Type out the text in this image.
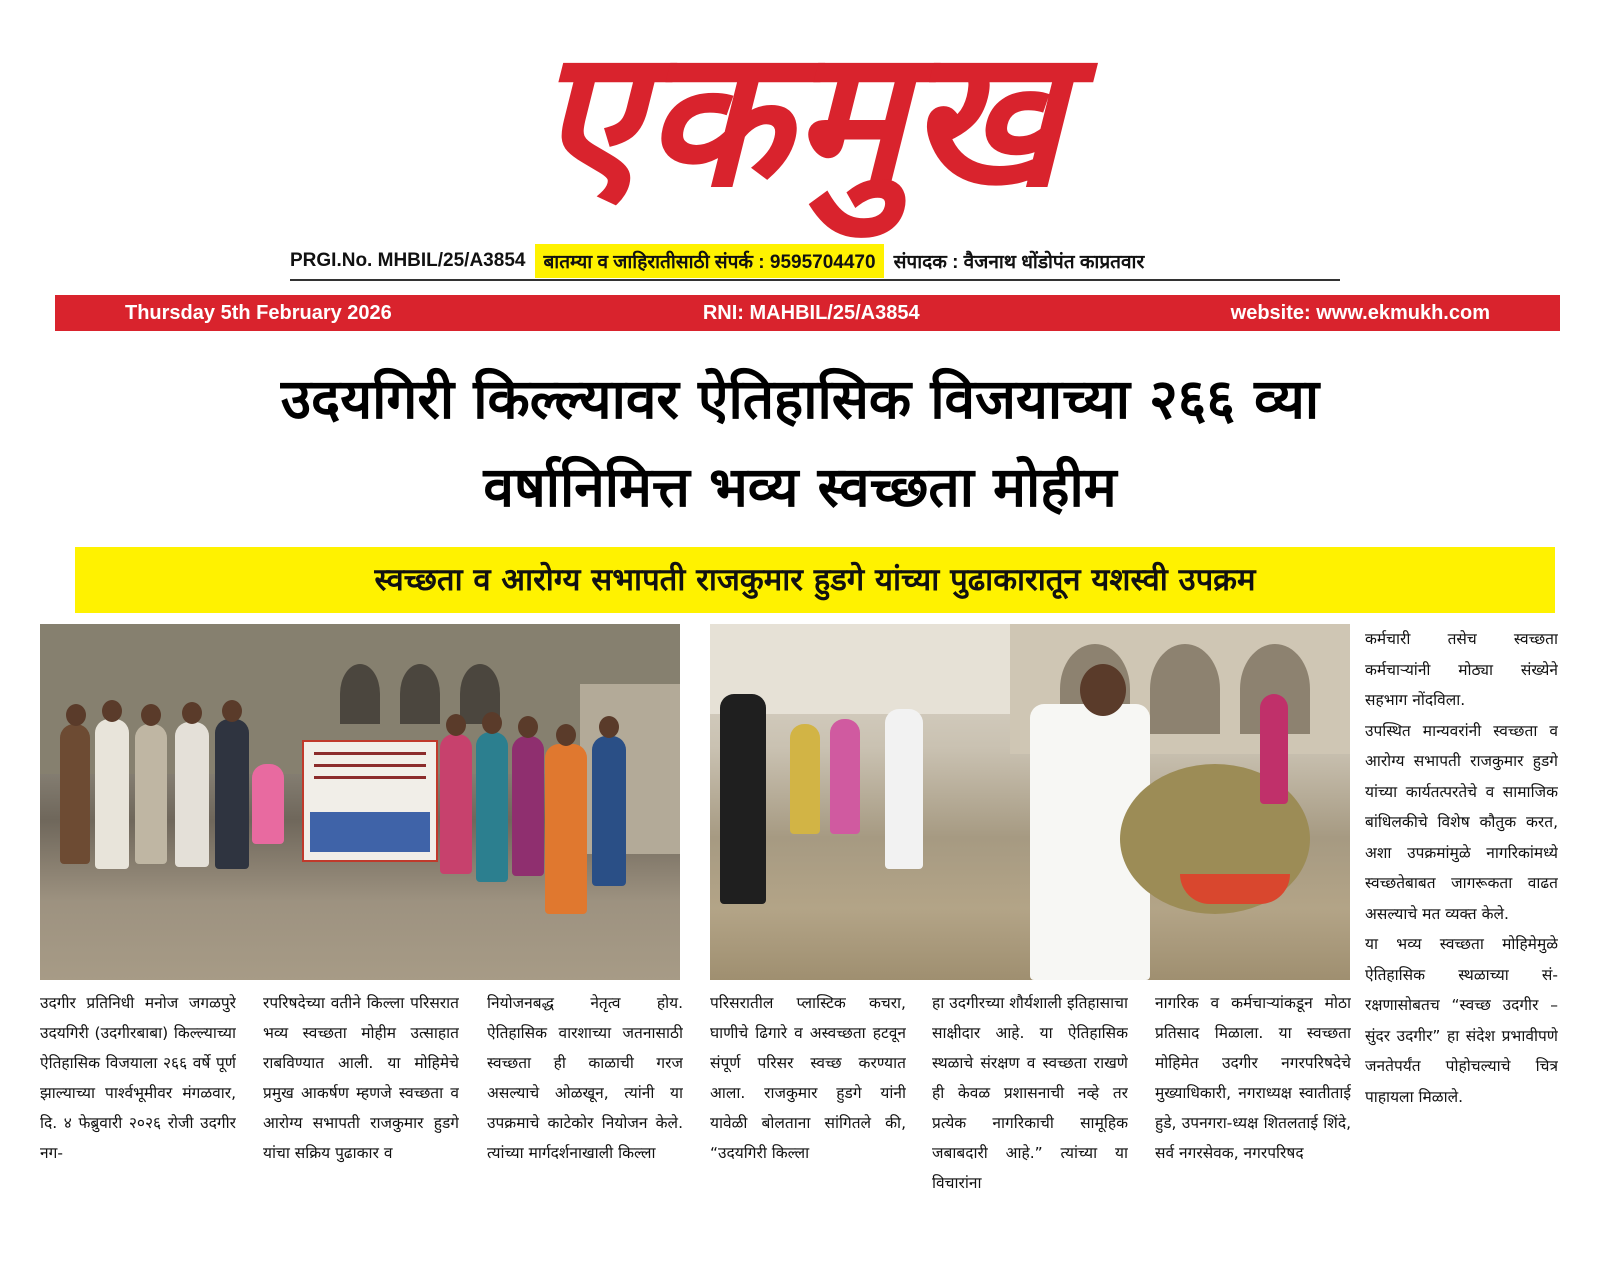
एकमुख
PRGI.No. MHBIL/25/A3854 बातम्या व जाहिरातीसाठी संपर्क : 9595704470 संपादक : वैजनाथ धोंडोपंत काप्रतवार
Thursday 5th February 2026	RNI: MAHBIL/25/A3854	website: www.ekmukh.com
उदयगिरी किल्ल्यावर ऐतिहासिक विजयाच्या २६६ व्या
वर्षानिमित्त भव्य स्वच्छता मोहीम
स्वच्छता व आरोग्य सभापती राजकुमार हुडगे यांच्या पुढाकारातून यशस्वी उपक्रम

उदगीर प्रतिनिधी मनोज जगळपुरे उदयगिरी (उदगीरबाबा) किल्ल्याच्या ऐतिहासिक विजयाला २६६ वर्षे पूर्ण झाल्याच्या पार्श्वभूमीवर मंगळवार, दि. ४ फेब्रुवारी २०२६ रोजी उदगीर नग-

रपरिषदेच्या वतीने किल्ला परिसरात भव्य स्वच्छता मोहीम उत्साहात राबविण्यात आली. या मोहिमेचे प्रमुख आकर्षण म्हणजे स्वच्छता व आरोग्य सभापती राजकुमार हुडगे यांचा सक्रिय पुढाकार व

नियोजनबद्ध नेतृत्व होय. ऐतिहासिक वारशाच्या जतनासाठी स्वच्छता ही काळाची गरज असल्याचे ओळखून, त्यांनी या उपक्रमाचे काटेकोर नियोजन केले. त्यांच्या मार्गदर्शनाखाली किल्ला

परिसरातील प्लास्टिक कचरा, घाणीचे ढिगारे व अस्वच्छता हटवून संपूर्ण परिसर स्वच्छ करण्यात आला. राजकुमार हुडगे यांनी यावेळी बोलताना सांगितले की, “उदयगिरी किल्ला

हा उदगीरच्या शौर्यशाली इतिहासाचा साक्षीदार आहे. या ऐतिहासिक स्थळाचे संरक्षण व स्वच्छता राखणे ही केवळ प्रशासनाची नव्हे तर प्रत्येक नागरिकाची सामूहिक जबाबदारी आहे.” त्यांच्या या विचारांना

नागरिक व कर्मचाऱ्यांकडून मोठा प्रतिसाद मिळाला. या स्वच्छता मोहिमेत उदगीर नगरपरिषदेचे मुख्याधिकारी, नगराध्यक्ष स्वातीताई हुडे, उपनगरा-ध्यक्ष शितलताई शिंदे, सर्व नगरसेवक, नगरपरिषद

कर्मचारी तसेच स्वच्छता कर्मचाऱ्यांनी मोठ्या संख्येने सहभाग नोंदविला.

उपस्थित मान्यवरांनी स्वच्छता व आरोग्य सभापती राजकुमार हुडगे यांच्या कार्यतत्परतेचे व सामाजिक बांधिलकीचे विशेष कौतुक करत, अशा उपक्रमांमुळे नागरिकांमध्ये स्वच्छतेबाबत जागरूकता वाढत असल्याचे मत व्यक्त केले.

या भव्य स्वच्छता मोहिमेमुळे ऐतिहासिक स्थळाच्या सं-रक्षणासोबतच “स्वच्छ उदगीर – सुंदर उदगीर” हा संदेश प्रभावीपणे जनतेपर्यंत पोहोचल्याचे चित्र पाहायला मिळाले.
